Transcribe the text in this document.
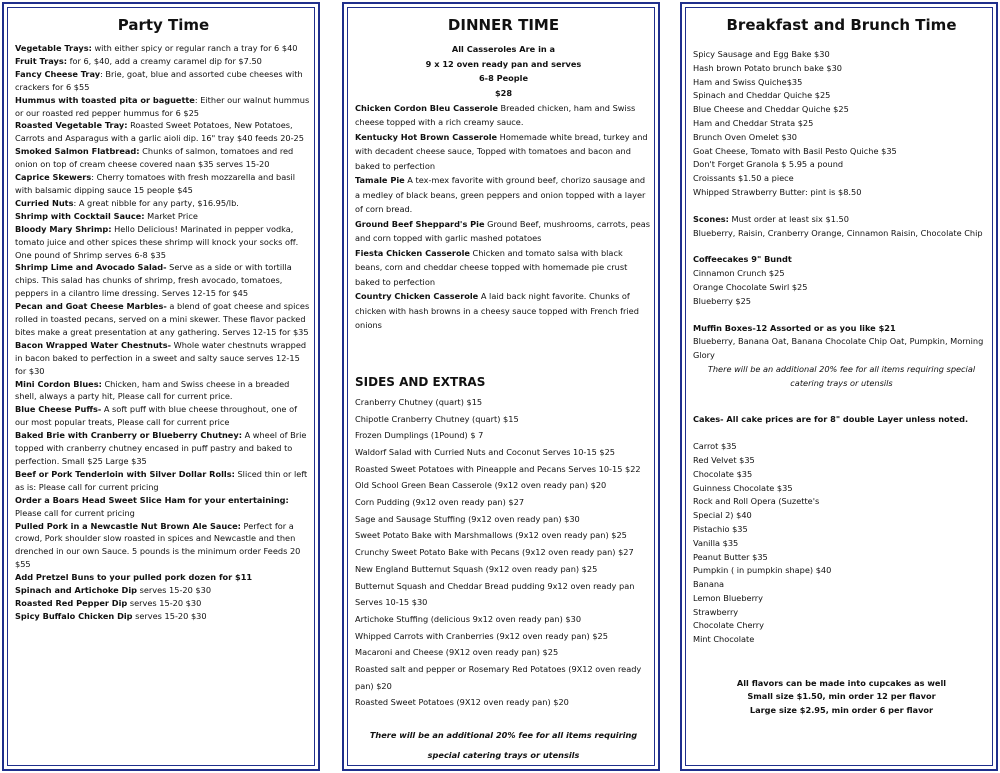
Party Time
Vegetable Trays: with either spicy or regular ranch a tray for 6 $40
Fruit Trays: for 6, $40, add a creamy caramel dip for $7.50
Fancy Cheese Tray: Brie, goat, blue and assorted cube cheeses with crackers for 6 $55
Hummus with toasted pita or baguette: Either our walnut hummus or our roasted red pepper hummus for 6 $25
Roasted Vegetable Tray: Roasted Sweet Potatoes, New Potatoes, Carrots and Asparagus with a garlic aioli dip. 16" tray $40 feeds 20-25
Smoked Salmon Flatbread: Chunks of salmon, tomatoes and red onion on top of cream cheese covered naan $35 serves 15-20
Caprice Skewers: Cherry tomatoes with fresh mozzarella and basil with balsamic dipping sauce 15 people $45
Curried Nuts: A great nibble for any party, $16.95/lb.
Shrimp with Cocktail Sauce: Market Price
Bloody Mary Shrimp: Hello Delicious! Marinated in pepper vodka, tomato juice and other spices these shrimp will knock your socks off. One pound of Shrimp serves 6-8 $35
Shrimp Lime and Avocado Salad- Serve as a side or with tortilla chips. This salad has chunks of shrimp, fresh avocado, tomatoes, peppers in a cilantro lime dressing. Serves 12-15 for $45
Pecan and Goat Cheese Marbles- a blend of goat cheese and spices rolled in toasted pecans, served on a mini skewer. These flavor packed bites make a great presentation at any gathering. Serves 12-15 for $35
Bacon Wrapped Water Chestnuts- Whole water chestnuts wrapped in bacon baked to perfection in a sweet and salty sauce serves 12-15 for $30
Mini Cordon Blues: Chicken, ham and Swiss cheese in a breaded shell, always a party hit, Please call for current price.
Blue Cheese Puffs- A soft puff with blue cheese throughout, one of our most popular treats, Please call for current price
Baked Brie with Cranberry or Blueberry Chutney: A wheel of Brie topped with cranberry chutney encased in puff pastry and baked to perfection. Small $25 Large $35
Beef or Pork Tenderloin with Silver Dollar Rolls: Sliced thin or left as is: Please call for current pricing
Order a Boars Head Sweet Slice Ham for your entertaining: Please call for current pricing
Pulled Pork in a Newcastle Nut Brown Ale Sauce: Perfect for a crowd, Pork shoulder slow roasted in spices and Newcastle and then drenched in our own Sauce. 5 pounds is the minimum order Feeds 20 $55
Add Pretzel Buns to your pulled pork dozen for $11
Spinach and Artichoke Dip serves 15-20 $30
Roasted Red Pepper Dip serves 15-20 $30
Spicy Buffalo Chicken Dip serves 15-20 $30
DINNER TIME
All Casseroles Are in a
9 x 12 oven ready pan and serves
6-8 People
$28
Chicken Cordon Bleu Casserole Breaded chicken, ham and Swiss cheese topped with a rich creamy sauce.
Kentucky Hot Brown Casserole Homemade white bread, turkey and with decadent cheese sauce, Topped with tomatoes and bacon and baked to perfection
Tamale Pie A tex-mex favorite with ground beef, chorizo sausage and a medley of black beans, green peppers and onion topped with a layer of corn bread.
Ground Beef Sheppard's Pie Ground Beef, mushrooms, carrots, peas and corn topped with garlic mashed potatoes
Fiesta Chicken Casserole Chicken and tomato salsa with black beans, corn and cheddar cheese topped with homemade pie crust baked to perfection
Country Chicken Casserole A laid back night favorite. Chunks of chicken with hash browns in a cheesy sauce topped with French fried onions
SIDES AND EXTRAS
Cranberry Chutney (quart) $15
Chipotle Cranberry Chutney (quart) $15
Frozen Dumplings (1Pound) $ 7
Waldorf Salad with Curried Nuts and Coconut Serves 10-15 $25
Roasted Sweet Potatoes with Pineapple and Pecans Serves 10-15 $22
Old School Green Bean Casserole (9x12 oven ready pan) $20
Corn Pudding (9x12 oven ready pan) $27
Sage and Sausage Stuffing (9x12 oven ready pan) $30
Sweet Potato Bake with Marshmallows (9x12 oven ready pan) $25
Crunchy Sweet Potato Bake with Pecans (9x12 oven ready pan) $27
New England Butternut Squash (9x12 oven ready pan) $25
Butternut Squash and Cheddar Bread pudding 9x12 oven ready pan Serves 10-15 $30
Artichoke Stuffing (delicious 9x12 oven ready pan) $30
Whipped Carrots with Cranberries (9x12 oven ready pan) $25
Macaroni and Cheese (9X12 oven ready pan) $25
Roasted salt and pepper or Rosemary Red Potatoes (9X12 oven ready pan) $20
Roasted Sweet Potatoes (9X12 oven ready pan) $20
There will be an additional 20% fee for all items requiring special catering trays or utensils
Breakfast and Brunch Time
Spicy Sausage and Egg Bake $30
Hash brown Potato brunch bake $30
Ham and Swiss Quiche$35
Spinach and Cheddar Quiche $25
Blue Cheese and Cheddar Quiche $25
Ham and Cheddar Strata $25
Brunch Oven Omelet $30
Goat Cheese, Tomato with Basil Pesto Quiche $35
Don't Forget Granola $ 5.95 a pound
Croissants $1.50 a piece
Whipped Strawberry Butter: pint is $8.50
Scones: Must order at least six $1.50
Blueberry, Raisin, Cranberry Orange, Cinnamon Raisin, Chocolate Chip
Coffeecakes 9" Bundt
Cinnamon Crunch $25
Orange Chocolate Swirl $25
Blueberry $25
Muffin Boxes-12 Assorted or as you like $21
Blueberry, Banana Oat, Banana Chocolate Chip Oat, Pumpkin, Morning Glory
There will be an additional 20% fee for all items requiring special catering trays or utensils
Cakes- All cake prices are for 8" double Layer unless noted.
Carrot $35
Red Velvet $35
Chocolate $35
Guinness Chocolate $35
Rock and Roll Opera (Suzette's
Special 2) $40
Pistachio $35
Vanilla $35
Peanut Butter $35
Pumpkin ( in pumpkin shape) $40
Banana
Lemon Blueberry
Strawberry
Chocolate Cherry
Mint Chocolate
All flavors can be made into cupcakes as well
Small size $1.50, min order 12 per flavor
Large size $2.95, min order 6 per flavor
